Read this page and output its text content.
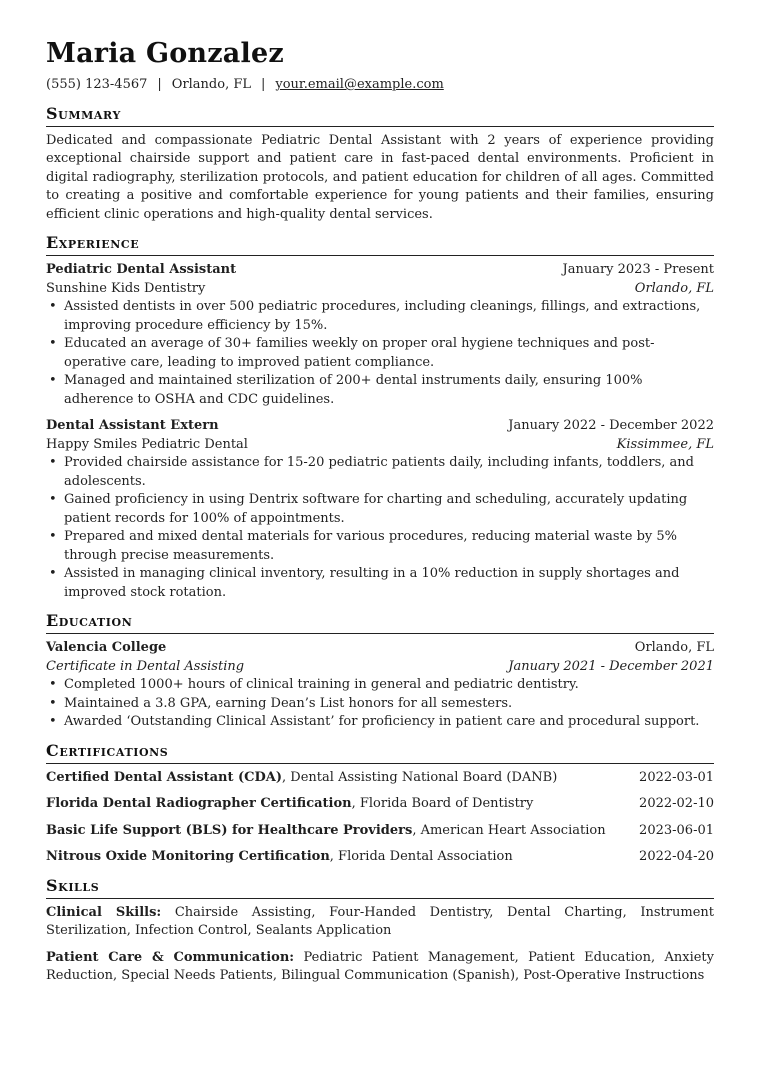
Maria Gonzalez
(555) 123-4567 | Orlando, FL | your.email@example.com
Summary
Dedicated and compassionate Pediatric Dental Assistant with 2 years of experience providing exceptional chairside support and patient care in fast-paced dental environments. Proficient in digital radiography, sterilization protocols, and patient education for children of all ages. Committed to creating a positive and comfortable experience for young patients and their families, ensuring efficient clinic operations and high-quality dental services.
Experience
Pediatric Dental Assistant	January 2023 - Present
Sunshine Kids Dentistry	Orlando, FL
• Assisted dentists in over 500 pediatric procedures, including cleanings, fillings, and extractions, improving procedure efficiency by 15%.
• Educated an average of 30+ families weekly on proper oral hygiene techniques and post-operative care, leading to improved patient compliance.
• Managed and maintained sterilization of 200+ dental instruments daily, ensuring 100% adherence to OSHA and CDC guidelines.
Dental Assistant Extern	January 2022 - December 2022
Happy Smiles Pediatric Dental	Kissimmee, FL
• Provided chairside assistance for 15-20 pediatric patients daily, including infants, toddlers, and adolescents.
• Gained proficiency in using Dentrix software for charting and scheduling, accurately updating patient records for 100% of appointments.
• Prepared and mixed dental materials for various procedures, reducing material waste by 5% through precise measurements.
• Assisted in managing clinical inventory, resulting in a 10% reduction in supply shortages and improved stock rotation.
Education
Valencia College	Orlando, FL
Certificate in Dental Assisting	January 2021 - December 2021
• Completed 1000+ hours of clinical training in general and pediatric dentistry.
• Maintained a 3.8 GPA, earning Dean’s List honors for all semesters.
• Awarded ‘Outstanding Clinical Assistant’ for proficiency in patient care and procedural support.
Certifications
Certified Dental Assistant (CDA), Dental Assisting National Board (DANB)	2022-03-01
Florida Dental Radiographer Certification, Florida Board of Dentistry	2022-02-10
Basic Life Support (BLS) for Healthcare Providers, American Heart Association	2023-06-01
Nitrous Oxide Monitoring Certification, Florida Dental Association	2022-04-20
Skills
Clinical Skills: Chairside Assisting, Four-Handed Dentistry, Dental Charting, Instrument Sterilization, Infection Control, Sealants Application
Patient Care & Communication: Pediatric Patient Management, Patient Education, Anxiety Reduction, Special Needs Patients, Bilingual Communication (Spanish), Post-Operative Instructions
